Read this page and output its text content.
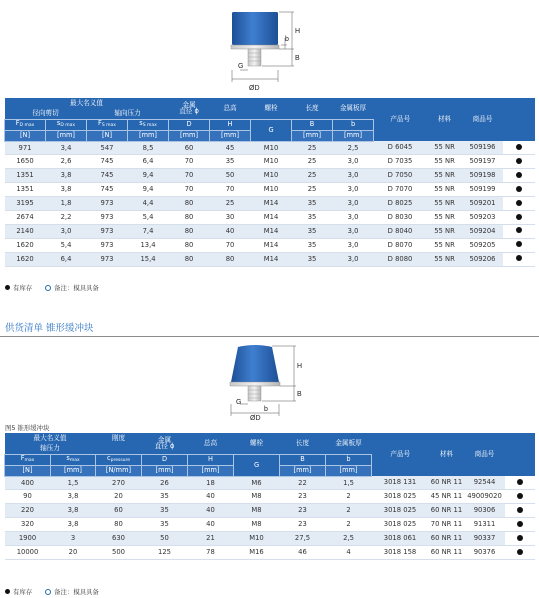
H
b
B
G
ØD
最大名义值				金属
直径 ϕ	总高	螺栓	长度	金属板厚	产品号	材料	商品号	
径向剪切		轴向压力										
$F_{D max}$	$s_{D max}$	$F_{S max}$	$s_{S max}$	D	H	G	B	b				
[N]	[mm]	[N]	[mm]	[mm]	[mm]		[mm]	[mm]				
971	3,4	547	8,5	60	45	M10	25	2,5	D 6045	55 NR	509196	
1650	2,6	745	6,4	70	35	M10	25	3,0	D 7035	55 NR	509197	
1351	3,8	745	9,4	70	50	M10	25	3,0	D 7050	55 NR	509198	
1351	3,8	745	9,4	70	70	M10	25	3,0	D 7070	55 NR	509199	
3195	1,8	973	4,4	80	25	M14	35	3,0	D 8025	55 NR	509201	
2674	2,2	973	5,4	80	30	M14	35	3,0	D 8030	55 NR	509203	
2140	3,0	973	7,4	80	40	M14	35	3,0	D 8040	55 NR	509204	
1620	5,4	973	13,4	80	70	M14	35	3,0	D 8070	55 NR	509205	
1620	6,4	973	15,4	80	80	M14	35	3,0	D 8080	55 NR	509206	
有库存	备注：模具具备
供货清单 锥形缓冲块
H
B
G
b
ØD
图5 锥形缓冲块
最大名义值		刚度	金属
直径 ϕ	总高	螺栓	长度	金属板厚	产品号	材料	商品号	
轴压力											
$F_{max}$	$s_{max}$	$c_{pressure}$	D	H	G	B	b				
[N]	[mm]	[N/mm]	[mm]	[mm]		[mm]	[mm]				
400	1,5	270	26	18	M6	22	1,5	3018 131	60 NR 11	92544	
90	3,8	20	35	40	M8	23	2	3018 025	45 NR 11	49009020	
220	3,8	60	35	40	M8	23	2	3018 025	60 NR 11	90306	
320	3,8	80	35	40	M8	23	2	3018 025	70 NR 11	91311	
1900	3	630	50	21	M10	27,5	2,5	3018 061	60 NR 11	90337	
10000	20	500	125	78	M16	46	4	3018 158	60 NR 11	90376	
有库存	备注：模具具备
